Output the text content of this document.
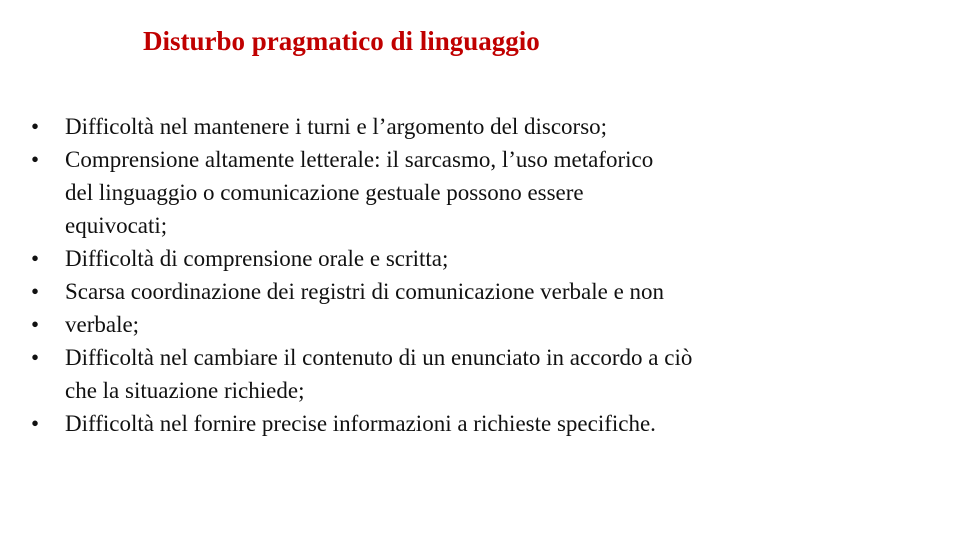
Disturbo pragmatico di linguaggio
• Difficoltà nel mantenere i turni e l’argomento del discorso;
• Comprensione altamente letterale: il sarcasmo, l’uso metaforico
del linguaggio o comunicazione gestuale possono essere
equivocati;
• Difficoltà di comprensione orale e scritta;
• Scarsa coordinazione dei registri di comunicazione verbale e non
• verbale;
• Difficoltà nel cambiare il contenuto di un enunciato in accordo a ciò
che la situazione richiede;
• Difficoltà nel fornire precise informazioni a richieste specifiche.
